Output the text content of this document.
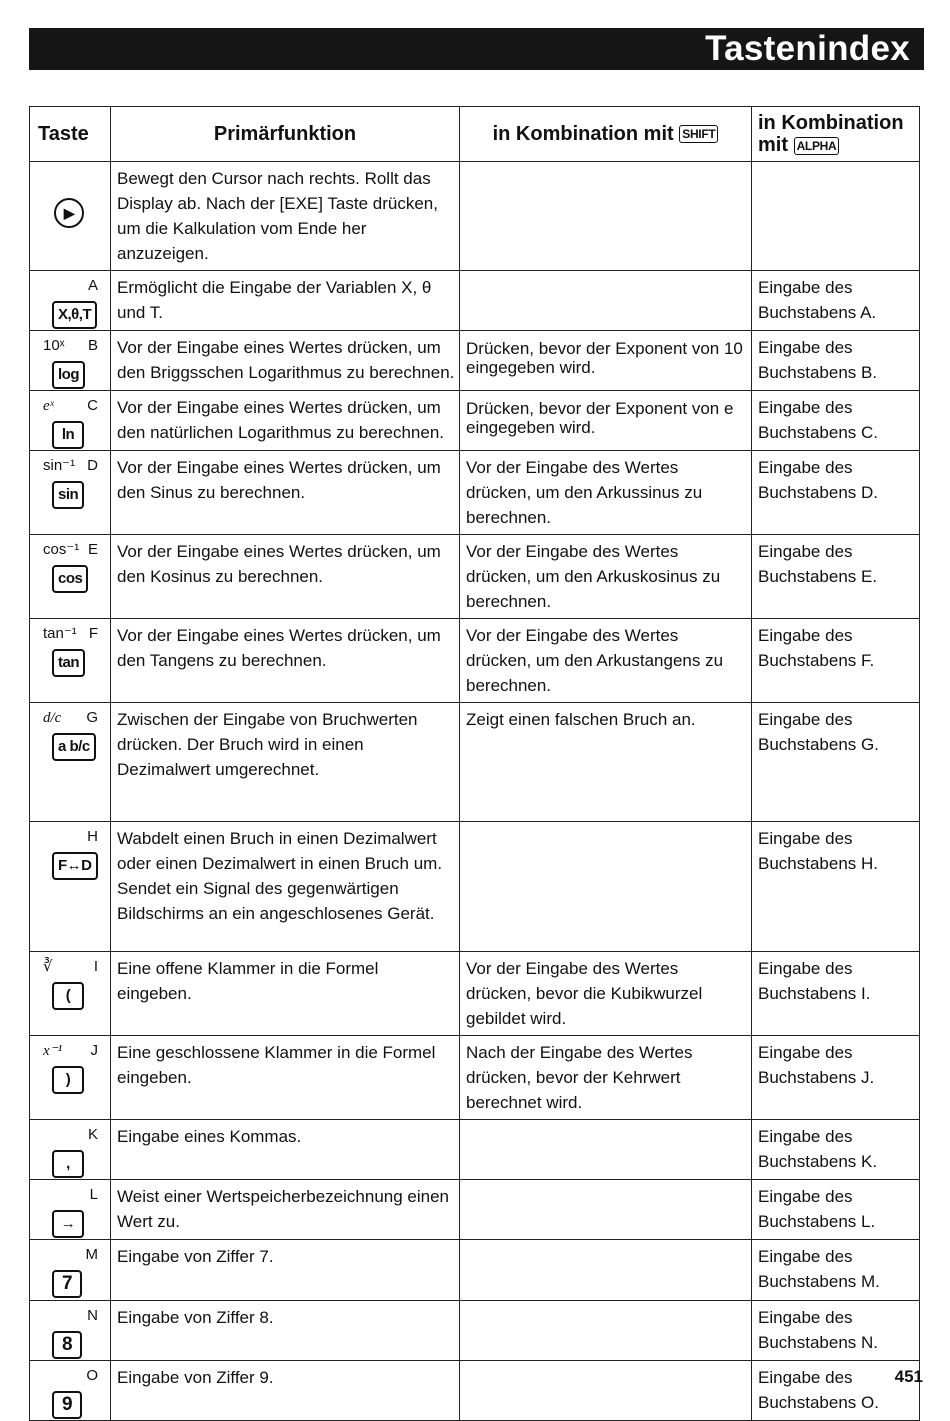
Tastenindex
Taste	Primärfunktion	in Kombination mit SHIFT	in Kombination mit ALPHA

▶	Bewegt den Cursor nach rechts. Rollt das Display ab. Nach der [EXE] Taste drücken, um die Kalkulation vom Ende her anzuzeigen.		

A
X,θ,T	Ermöglicht die Eingabe der Variablen X, θ und T.		Eingabe des Buchstabens A.

10ˣ B
log	Vor der Eingabe eines Wertes drücken, um den Briggsschen Logarithmus zu berechnen.	Drücken, bevor der Exponent von 10 eingegeben wird.	Eingabe des Buchstabens B.

eˣ C
ln	Vor der Eingabe eines Wertes drücken, um den natürlichen Logarithmus zu berechnen.	Drücken, bevor der Exponent von e eingegeben wird.	Eingabe des Buchstabens C.

sin⁻¹ D
sin	Vor der Eingabe eines Wertes drücken, um den Sinus zu berechnen.	Vor der Eingabe des Wertes drücken, um den Arkussinus zu berechnen.	Eingabe des Buchstabens D.

cos⁻¹ E
cos	Vor der Eingabe eines Wertes drücken, um den Kosinus zu berechnen.	Vor der Eingabe des Wertes drücken, um den Arkuskosinus zu berechnen.	Eingabe des Buchstabens E.

tan⁻¹ F
tan	Vor der Eingabe eines Wertes drücken, um den Tangens zu berechnen.	Vor der Eingabe des Wertes drücken, um den Arkustangens zu berechnen.	Eingabe des Buchstabens F.

d/c G
a b/c	Zwischen der Eingabe von Bruchwerten drücken. Der Bruch wird in einen Dezimalwert umgerechnet.	Zeigt einen falschen Bruch an.	Eingabe des Buchstabens G.

H
F↔D	Wabdelt einen Bruch in einen Dezimalwert oder einen Dezimalwert in einen Bruch um. Sendet ein Signal des gegenwärtigen Bildschirms an ein angeschlosenes Gerät.		Eingabe des Buchstabens H.

∛ I
(	Eine offene Klammer in die Formel eingeben.	Vor der Eingabe des Wertes drücken, bevor die Kubikwurzel gebildet wird.	Eingabe des Buchstabens I.

x⁻¹ J
)	Eine geschlossene Klammer in die Formel eingeben.	Nach der Eingabe des Wertes drücken, bevor der Kehrwert berechnet wird.	Eingabe des Buchstabens J.

K
,	Eingabe eines Kommas.		Eingabe des Buchstabens K.

L
→	Weist einer Wertspeicherbezeichnung einen Wert zu.		Eingabe des Buchstabens L.

M
7	Eingabe von Ziffer 7.		Eingabe des Buchstabens M.

N
8	Eingabe von Ziffer 8.		Eingabe des Buchstabens N.

O
9	Eingabe von Ziffer 9.		Eingabe des Buchstabens O.
451
